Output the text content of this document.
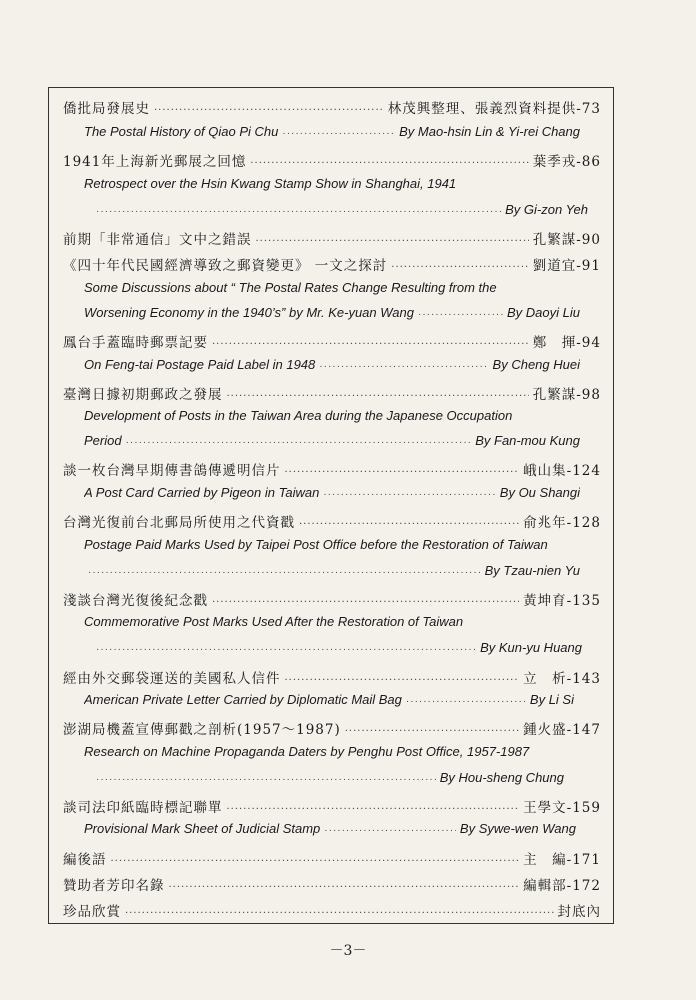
僑批局發展史 ·····	林茂興整理、張義烈資料提供-73
The Postal History of Qiao Pi Chu ·····	By Mao-hsin Lin & Yi-rei Chang
1941年上海新光郵展之回憶 ·····	葉季戎-86
Retrospect over the Hsin Kwang Stamp Show in Shanghai, 1941
·····
By Gi-zon Yeh
前期「非常通信」文中之錯誤 ·····	孔繁謀-90
《四十年代民國經濟導致之郵資變更》 一文之探討 ·····	劉道宜-91
Some Discussions about “ The Postal Rates Change Resulting from the
Worsening Economy in the 1940’s” by Mr. Ke-yuan Wang ·····	By Daoyi Liu
鳳台手蓋臨時郵票記要 ·····	鄭　揮-94
On Feng-tai Postage Paid Label in 1948 ·····	By Cheng Huei
臺灣日據初期郵政之發展 ·····	孔繁謀-98
Development of Posts in the Taiwan Area during the Japanese Occupation
Period ·····	By Fan-mou Kung
談一枚台灣早期傳書鴿傳遞明信片 ·····	峨山集-124
A Post Card Carried by Pigeon in Taiwan ·····	By Ou Shangi
台灣光復前台北郵局所使用之代資戳 ·····	俞兆年-128
Postage Paid Marks Used by Taipei Post Office before the Restoration of Taiwan
·····
By Tzau-nien Yu
淺談台灣光復後紀念戳 ·····	黃坤育-135
Commemorative Post Marks Used After the Restoration of Taiwan
·····
By Kun-yu Huang
經由外交郵袋運送的美國私人信件 ·····	立　析-143
American Private Letter Carried by Diplomatic Mail Bag ·····	By Li Si
澎湖局機蓋宣傳郵戳之剖析(1957～1987) ·····	鍾火盛-147
Research on Machine Propaganda Daters by Penghu Post Office, 1957-1987
·····
By Hou-sheng Chung
談司法印紙臨時標記聯單 ·····	王學文-159
Provisional Mark Sheet of Judicial Stamp ·····	By Sywe-wen Wang
編後語 ·····	主　編-171
贊助者芳印名錄 ·····	編輯部-172
珍品欣賞 ·····	封底內
－3－
